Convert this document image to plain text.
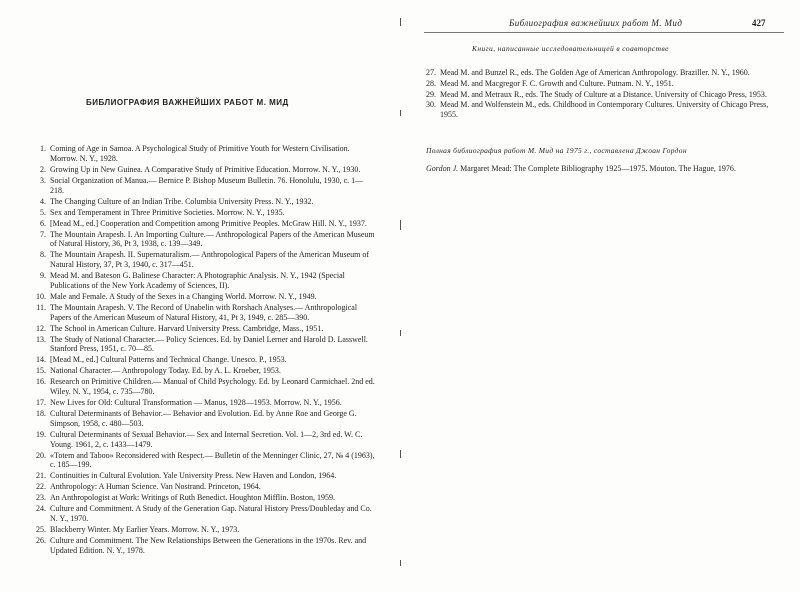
БИБЛИОГРАФИЯ ВАЖНЕЙШИХ РАБОТ М. МИД
1. Coming of Age in Samoa. A Psychological Study of Primitive Youth for Western Civilisation. Morrow. N. Y., 1928.
2. Growing Up in New Guinea. A Comparative Study of Primitive Education. Morrow. N. Y., 1930.
3. Social Organization of Manua.— Bernice P. Bishop Museum Bulletin. 76. Honolulu, 1930, c. 1—218.
4. The Changing Culture of an Indian Tribe. Columbia University Press. N. Y., 1932.
5. Sex and Temperament in Three Primitive Societies. Morrow. N. Y., 1935.
6. [Mead M., ed.] Cooperation and Competition among Primitive Peoples. McGraw Hill. N. Y., 1937.
7. The Mountain Arapesh. I. An Importing Culture.— Anthropological Papers of the American Museum of Natural History, 36, Pt 3, 1938, c. 139—349.
8. The Mountain Arapesh. II. Supernaturalism.— Anthropological Papers of the American Museum of Natural History, 37, Pt 3, 1940, c. 317—451.
9. Mead M. and Bateson G. Balinese Character: A Photographic Analysis. N. Y., 1942 (Special Publications of the New York Academy of Sciences, II).
10. Male and Female. A Study of the Sexes in a Changing World. Morrow. N. Y., 1949.
11. The Mountain Arapesh. V. The Record of Unabelin with Rorshach Analyses.— Anthropological Papers of the American Museum of Natural History, 41, Pt 3, 1949, c. 285—390.
12. The School in American Culture. Harvard University Press. Cambridge, Mass., 1951.
13. The Study of National Character.— Policy Sciences. Ed. by Daniel Lerner and Harold D. Lasswell. Stanford Press, 1951, c. 70—85.
14. [Mead M., ed.] Cultural Patterns and Technical Change. Unesco. P., 1953.
15. National Character.— Anthropology Today. Ed. by A. L. Kroeber, 1953.
16. Research on Primitive Children.— Manual of Child Psychology. Ed. by Leonard Carmichael. 2nd ed. Wiley. N. Y., 1954, c. 735—780.
17. New Lives for Old: Cultural Transformation — Manus, 1928—1953. Morrow. N. Y., 1956.
18. Cultural Determinants of Behavior.— Behavior and Evolution. Ed. by Anne Roe and George G. Simpson, 1958, c. 480—503.
19. Cultural Determinants of Sexual Behavior.— Sex and Internal Secretion. Vol. 1—2, 3rd ed. W. C. Young. 1961, 2, c. 1433—1479.
20. «Totem and Taboo» Reconsidered with Respect.— Bulletin of the Menninger Clinic, 27, № 4 (1963), c. 185—199.
21. Continuities in Cultural Evolution. Yale University Press. New Haven and London, 1964.
22. Anthropology: A Human Science. Van Nostrand. Princeton, 1964.
23. An Anthropologist at Work: Writings of Ruth Benedict. Houghton Mifflin. Boston, 1959.
24. Culture and Commitment. A Study of the Generation Gap. Natural History Press/Doubleday and Co. N. Y., 1970.
25. Blackberry Winter. My Earlier Years. Morrow. N. Y., 1973.
26. Culture and Commitment. The New Relationships Between the Generations in the 1970s. Rev. and Updated Edition. N. Y., 1978.
Библиография важнейших работ М. Мид	427
Книги, написанные исследовательницей в соавторстве
27. Mead M. and Bunzel R., eds. The Golden Age of American Anthropology. Braziller. N. Y., 1960.
28. Mead M. and Macgregor F. C. Growth and Culture. Putnam. N. Y., 1951.
29. Mead M. and Metraux R., eds. The Study of Culture at a Distance. University of Chicago Press, 1953.
30. Mead M. and Wolfenstein M., eds. Childhood in Contemporary Cultures. University of Chicago Press, 1955.
Полная библиография работ М. Мид на 1975 г., составлена Джоан Гордон
Gordon J. Margaret Mead: The Complete Bibliography 1925—1975. Mouton. The Hague, 1976.
